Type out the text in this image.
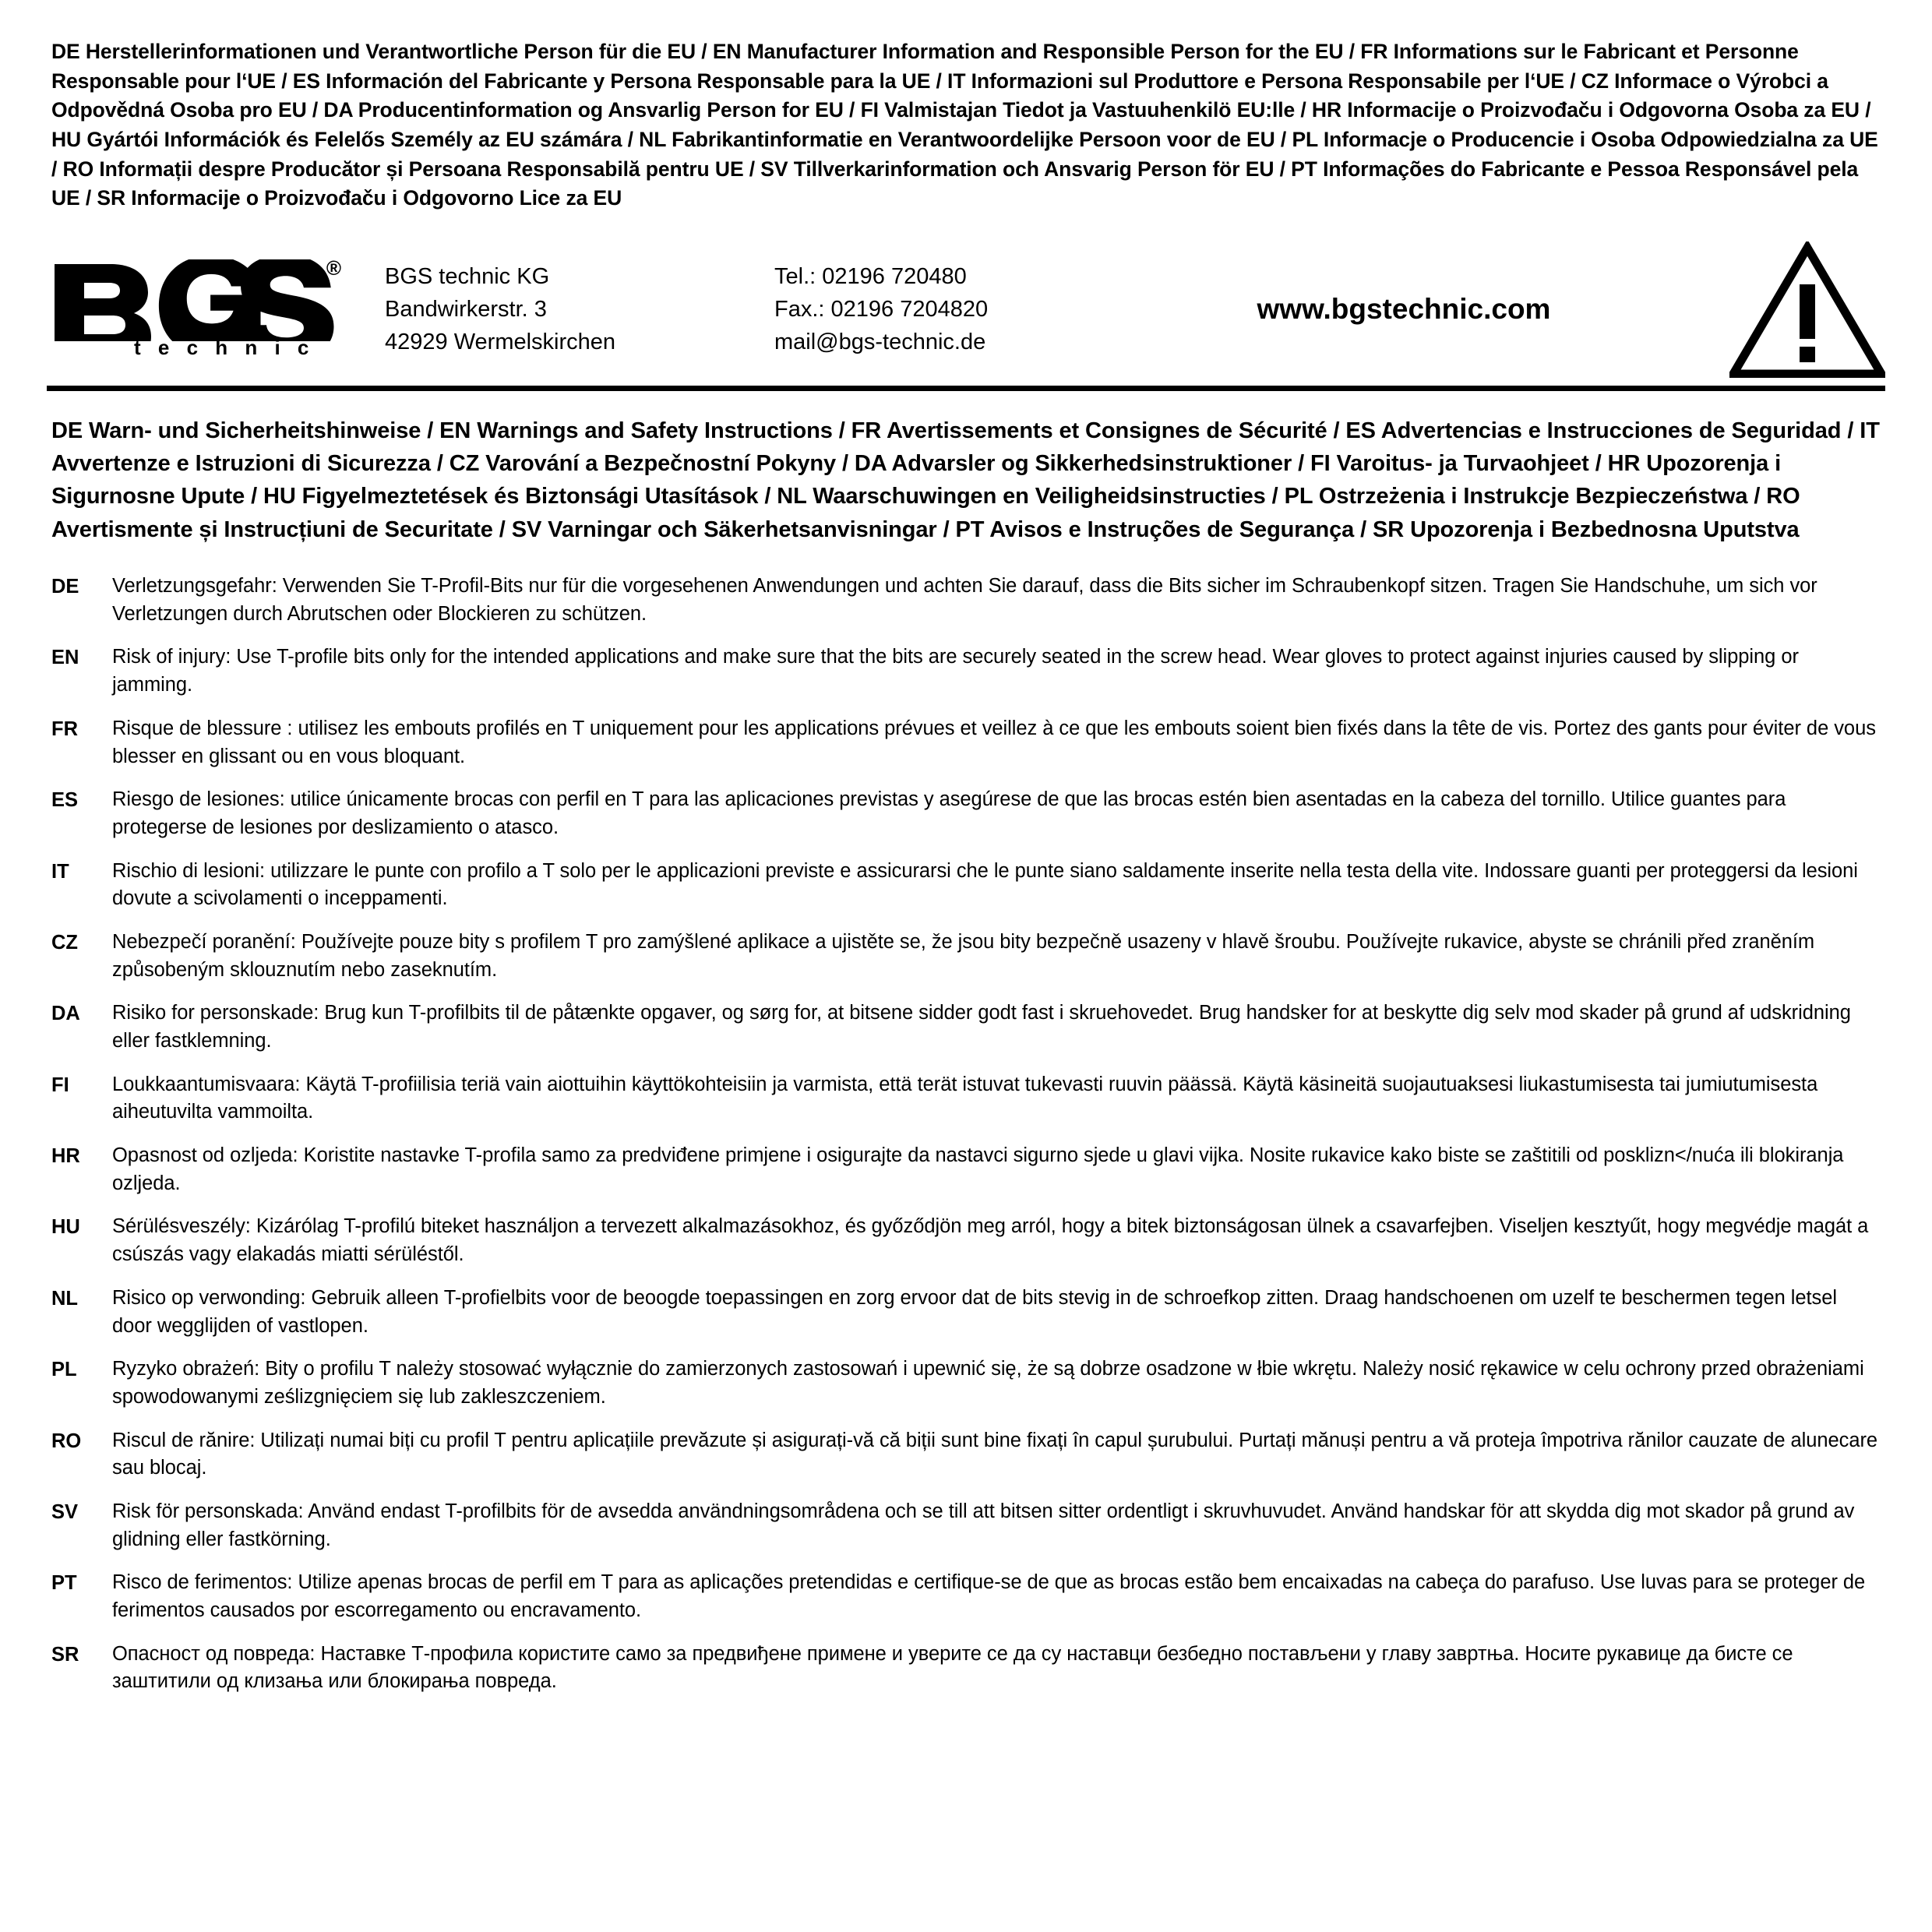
DE Herstellerinformationen und Verantwortliche Person für die EU / EN Manufacturer Information and Responsible Person for the EU / FR Informations sur le Fabricant et Personne Responsable pour l‘UE / ES Información del Fabricante y Persona Responsable para la UE / IT Informazioni sul Produttore e Persona Responsabile per l‘UE / CZ Informace o Výrobci a Odpovědná Osoba pro EU / DA Producentinformation og Ansvarlig Person for EU / FI Valmistajan Tiedot ja Vastuuhenkilö EU:lle / HR Informacije o Proizvođaču i Odgovorna Osoba za EU / HU Gyártói Információk és Felelős Személy az EU számára / NL Fabrikantinformatie en Verantwoordelijke Persoon voor de EU / PL Informacje o Producencie i Osoba Odpowiedzialna za UE / RO Informații despre Producător și Persoana Responsabilă pentru UE / SV Tillverkarinformation och Ansvarig Person för EU / PT Informações do Fabricante e Pessoa Responsável pela UE / SR Informacije o Proizvođaču i Odgovorno Lice za EU
®
t e c h n i c
BGS technic KG
Bandwirkerstr. 3
42929 Wermelskirchen
Tel.: 02196 720480
Fax.: 02196 7204820
mail@bgs-technic.de
www.bgstechnic.com
DE Warn- und Sicherheitshinweise / EN Warnings and Safety Instructions / FR Avertissements et Consignes de Sécurité / ES Advertencias e Instrucciones de Seguridad / IT Avvertenze e Istruzioni di Sicurezza / CZ Varování a Bezpečnostní Pokyny / DA Advarsler og Sikkerhedsinstruktioner / FI Varoitus- ja Turvaohjeet / HR Upozorenja i Sigurnosne Upute / HU Figyelmeztetések és Biztonsági Utasítások / NL Waarschuwingen en Veiligheidsinstructies / PL Ostrzeżenia i Instrukcje Bezpieczeństwa / RO Avertismente și Instrucțiuni de Securitate / SV Varningar och Säkerhetsanvisningar / PT Avisos e Instruções de Segurança / SR Upozorenja i Bezbednosna Uputstva
DE	Verletzungsgefahr: Verwenden Sie T-Profil-Bits nur für die vorgesehenen Anwendungen und achten Sie darauf, dass die Bits sicher im Schraubenkopf sitzen. Tragen Sie Handschuhe, um sich vor Verletzungen durch Abrutschen oder Blockieren zu schützen.
EN	Risk of injury: Use T-profile bits only for the intended applications and make sure that the bits are securely seated in the screw head. Wear gloves to protect against injuries caused by slipping or jamming.
FR	Risque de blessure : utilisez les embouts profilés en T uniquement pour les applications prévues et veillez à ce que les embouts soient bien fixés dans la tête de vis. Portez des gants pour éviter de vous blesser en glissant ou en vous bloquant.
ES	Riesgo de lesiones: utilice únicamente brocas con perfil en T para las aplicaciones previstas y asegúrese de que las brocas estén bien asentadas en la cabeza del tornillo. Utilice guantes para protegerse de lesiones por deslizamiento o atasco.
IT	Rischio di lesioni: utilizzare le punte con profilo a T solo per le applicazioni previste e assicurarsi che le punte siano saldamente inserite nella testa della vite. Indossare guanti per proteggersi da lesioni dovute a scivolamenti o inceppamenti.
CZ	Nebezpečí poranění: Používejte pouze bity s profilem T pro zamýšlené aplikace a ujistěte se, že jsou bity bezpečně usazeny v hlavě šroubu. Používejte rukavice, abyste se chránili před zraněním způsobeným sklouznutím nebo zaseknutím.
DA	Risiko for personskade: Brug kun T-profilbits til de påtænkte opgaver, og sørg for, at bitsene sidder godt fast i skruehovedet. Brug handsker for at beskytte dig selv mod skader på grund af udskridning eller fastklemning.
FI	Loukkaantumisvaara: Käytä T-profiilisia teriä vain aiottuihin käyttökohteisiin ja varmista, että terät istuvat tukevasti ruuvin päässä. Käytä käsineitä suojautuaksesi liukastumisesta tai jumiutumisesta aiheutuvilta vammoilta.
HR	Opasnost od ozljeda: Koristite nastavke T-profila samo za predviđene primjene i osigurajte da nastavci sigurno sjede u glavi vijka. Nosite rukavice kako biste se zaštitili od posklizn</nuća ili blokiranja ozljeda.
HU	Sérülésveszély: Kizárólag T-profilú biteket használjon a tervezett alkalmazásokhoz, és győződjön meg arról, hogy a bitek biztonságosan ülnek a csavarfejben. Viseljen kesztyűt, hogy megvédje magát a csúszás vagy elakadás miatti sérüléstől.
NL	Risico op verwonding: Gebruik alleen T-profielbits voor de beoogde toepassingen en zorg ervoor dat de bits stevig in de schroefkop zitten. Draag handschoenen om uzelf te beschermen tegen letsel door wegglijden of vastlopen.
PL	Ryzyko obrażeń: Bity o profilu T należy stosować wyłącznie do zamierzonych zastosowań i upewnić się, że są dobrze osadzone w łbie wkrętu. Należy nosić rękawice w celu ochrony przed obrażeniami spowodowanymi ześlizgnięciem się lub zakleszczeniem.
RO	Riscul de rănire: Utilizați numai biți cu profil T pentru aplicațiile prevăzute și asigurați-vă că biții sunt bine fixați în capul șurubului. Purtați mănuși pentru a vă proteja împotriva rănilor cauzate de alunecare sau blocaj.
SV	Risk för personskada: Använd endast T-profilbits för de avsedda användningsområdena och se till att bitsen sitter ordentligt i skruvhuvudet. Använd handskar för att skydda dig mot skador på grund av glidning eller fastkörning.
PT	Risco de ferimentos: Utilize apenas brocas de perfil em T para as aplicações pretendidas e certifique-se de que as brocas estão bem encaixadas na cabeça do parafuso. Use luvas para se proteger de ferimentos causados por escorregamento ou encravamento.
SR	Опасност од повреда: Наставке Т-профила користите само за предвиђене примене и уверите се да су наставци безбедно постављени у главу завртња. Носите рукавице да бисте се заштитили од клизања или блокирања повреда.
